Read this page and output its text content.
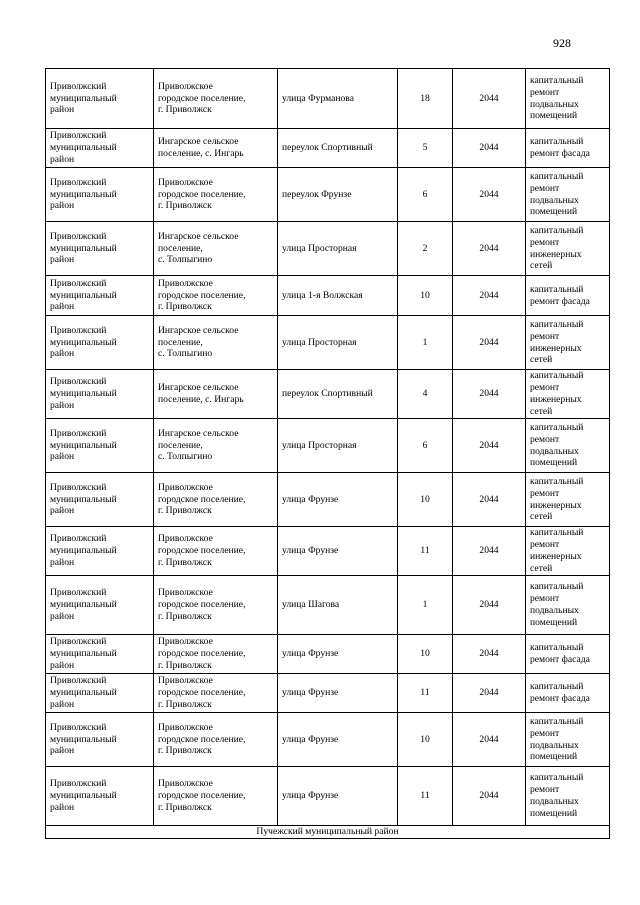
928
Приволжский
муниципальный
район	Приволжское
городское поселение,
г. Приволжск	улица Фурманова	18	2044	капитальный
ремонт
подвальных
помещений
Приволжский
муниципальный
район	Ингарское сельское
поселение, с. Ингарь	переулок Спортивный	5	2044	капитальный
ремонт фасада
Приволжский
муниципальный
район	Приволжское
городское поселение,
г. Приволжск	переулок Фрунзе	6	2044	капитальный
ремонт
подвальных
помещений
Приволжский
муниципальный
район	Ингарское сельское
поселение,
с. Толпыгино	улица Просторная	2	2044	капитальный
ремонт
инженерных
сетей
Приволжский
муниципальный
район	Приволжское
городское поселение,
г. Приволжск	улица 1-я Волжская	10	2044	капитальный
ремонт фасада
Приволжский
муниципальный
район	Ингарское сельское
поселение,
с. Толпыгино	улица Просторная	1	2044	капитальный
ремонт
инженерных
сетей
Приволжский
муниципальный
район	Ингарское сельское
поселение, с. Ингарь	переулок Спортивный	4	2044	капитальный
ремонт
инженерных
сетей
Приволжский
муниципальный
район	Ингарское сельское
поселение,
с. Толпыгино	улица Просторная	6	2044	капитальный
ремонт
подвальных
помещений
Приволжский
муниципальный
район	Приволжское
городское поселение,
г. Приволжск	улица Фрунзе	10	2044	капитальный
ремонт
инженерных
сетей
Приволжский
муниципальный
район	Приволжское
городское поселение,
г. Приволжск	улица Фрунзе	11	2044	капитальный
ремонт
инженерных
сетей
Приволжский
муниципальный
район	Приволжское
городское поселение,
г. Приволжск	улица Шагова	1	2044	капитальный
ремонт
подвальных
помещений
Приволжский
муниципальный
район	Приволжское
городское поселение,
г. Приволжск	улица Фрунзе	10	2044	капитальный
ремонт фасада
Приволжский
муниципальный
район	Приволжское
городское поселение,
г. Приволжск	улица Фрунзе	11	2044	капитальный
ремонт фасада
Приволжский
муниципальный
район	Приволжское
городское поселение,
г. Приволжск	улица Фрунзе	10	2044	капитальный
ремонт
подвальных
помещений
Приволжский
муниципальный
район	Приволжское
городское поселение,
г. Приволжск	улица Фрунзе	11	2044	капитальный
ремонт
подвальных
помещений
Пучежский муниципальный район					
